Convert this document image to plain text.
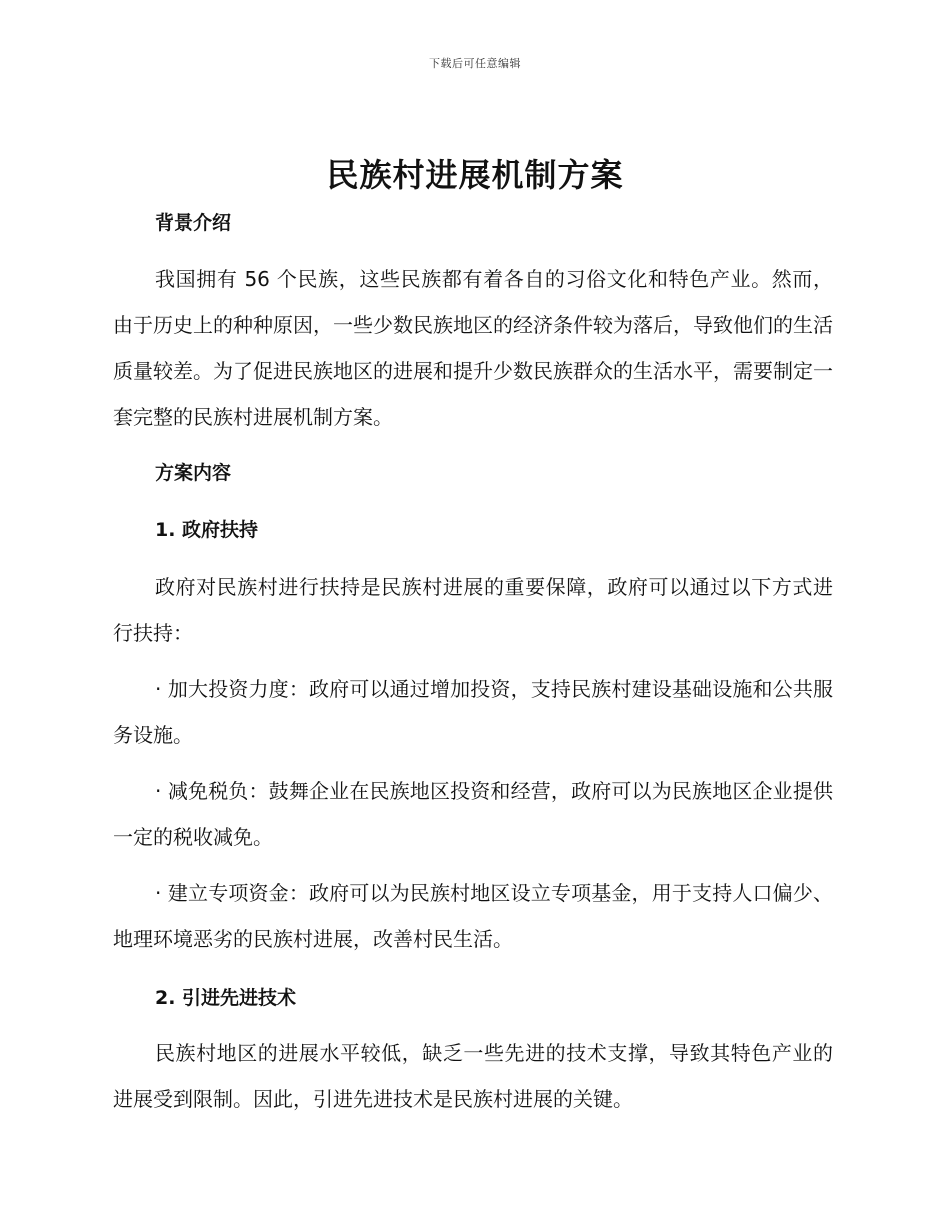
下载后可任意编辑
民族村进展机制方案
背景介绍

我国拥有 56 个民族，这些民族都有着各自的习俗文化和特色产业。然而，由于历史上的种种原因，一些少数民族地区的经济条件较为落后，导致他们的生活质量较差。为了促进民族地区的进展和提升少数民族群众的生活水平，需要制定一套完整的民族村进展机制方案。

方案内容
1. 政府扶持

政府对民族村进行扶持是民族村进展的重要保障，政府可以通过以下方式进行扶持：

· 加大投资力度：政府可以通过增加投资，支持民族村建设基础设施和公共服务设施。

· 减免税负：鼓舞企业在民族地区投资和经营，政府可以为民族地区企业提供一定的税收减免。

· 建立专项资金：政府可以为民族村地区设立专项基金，用于支持人口偏少、地理环境恶劣的民族村进展，改善村民生活。

2. 引进先进技术

民族村地区的进展水平较低，缺乏一些先进的技术支撑，导致其特色产业的进展受到限制。因此，引进先进技术是民族村进展的关键。
